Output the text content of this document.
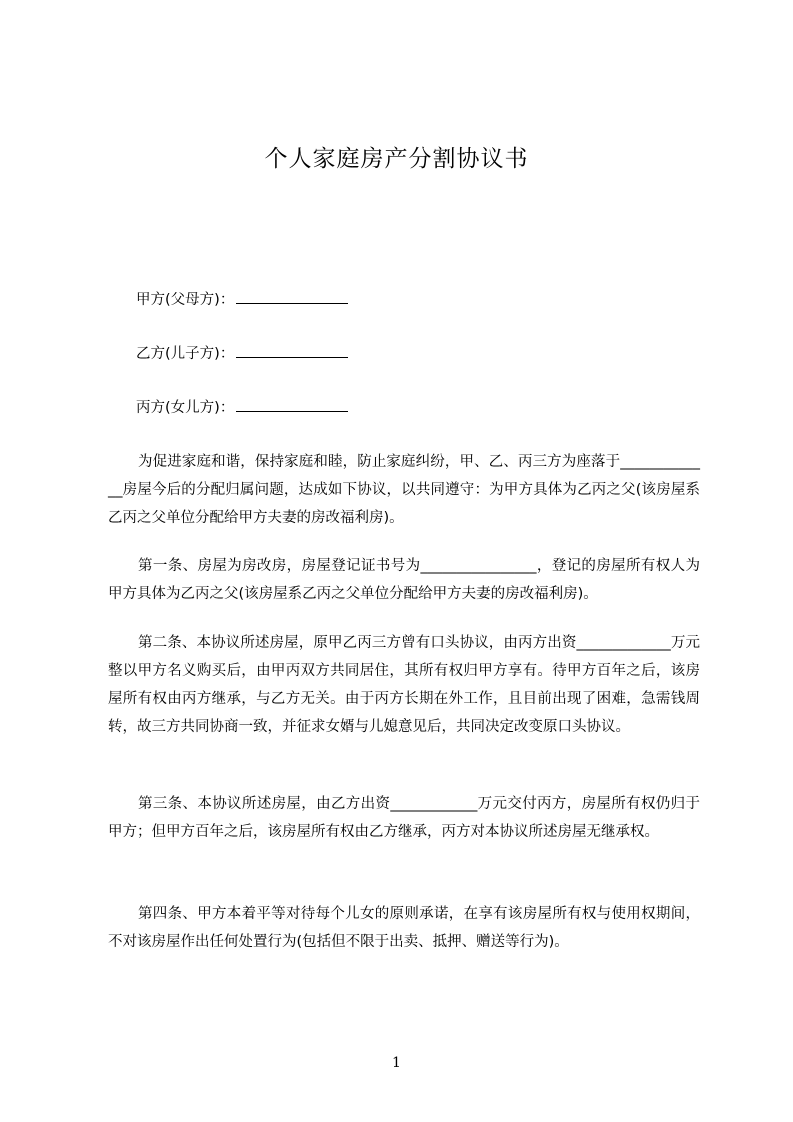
个人家庭房产分割协议书
甲方(父母方)：
乙方(儿子方)：
丙方(女儿方)：

为促进家庭和谐，保持家庭和睦，防止家庭纠纷，甲、乙、丙三方为座落于_____________房屋今后的分配归属问题，达成如下协议，以共同遵守：为甲方具体为乙丙之父(该房屋系乙丙之父单位分配给甲方夫妻的房改福利房)。

第一条、房屋为房改房，房屋登记证书号为________________，登记的房屋所有权人为甲方具体为乙丙之父(该房屋系乙丙之父单位分配给甲方夫妻的房改福利房)。

第二条、本协议所述房屋，原甲乙丙三方曾有口头协议，由丙方出资_____________万元整以甲方名义购买后，由甲丙双方共同居住，其所有权归甲方享有。待甲方百年之后，该房屋所有权由丙方继承，与乙方无关。由于丙方长期在外工作，且目前出现了困难，急需钱周转，故三方共同协商一致，并征求女婿与儿媳意见后，共同决定改变原口头协议。

第三条、本协议所述房屋，由乙方出资____________万元交付丙方，房屋所有权仍归于甲方；但甲方百年之后，该房屋所有权由乙方继承，丙方对本协议所述房屋无继承权。

第四条、甲方本着平等对待每个儿女的原则承诺，在享有该房屋所有权与使用权期间，不对该房屋作出任何处置行为(包括但不限于出卖、抵押、赠送等行为)。

1
